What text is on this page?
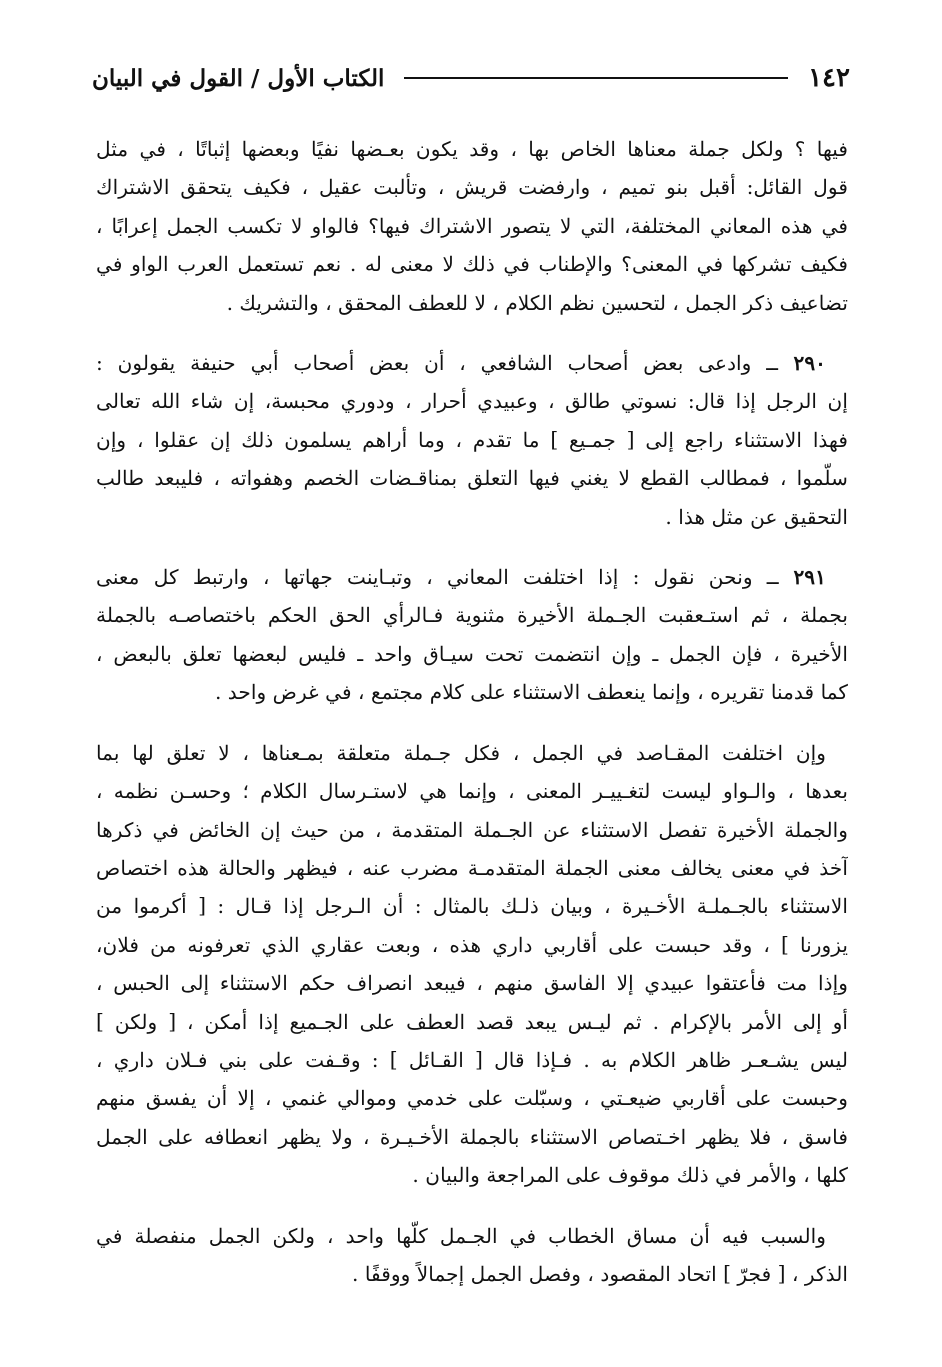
١٤٢
الكتاب الأول / القول في البيان

فيها ؟ ولكل جملة معناها الخاص بها ، وقد يكون بعـضها نفيًا وبعضها إثباتًا ، في مثل
قول القائل: أقبل بنو تميم ، وارفضت قريش ، وتألبت عقيل ، فكيف يتحقق الاشتراك
في هذه المعاني المختلفة، التي لا يتصور الاشتراك فيها؟ فالواو لا تكسب الجمل إعرابًا ،
فكيف تشركها في المعنى؟ والإطناب في ذلك لا معنى له . نعم تستعمل العرب الواو في
تضاعيف ذكر الجمل ، لتحسين نظم الكلام ، لا للعطف المحقق ، والتشريك .

٢٩٠ ــ وادعى بعض أصحاب الشافعي ، أن بعض أصحاب أبي حنيفة يقولون :
إن الرجل إذا قال: نسوتي طالق ، وعبيدي أحرار ، ودوري محبسة، إن شاء الله تعالى
فهذا الاستثناء راجع إلى [ جمـيع ] ما تقدم ، وما أراهم يسلمون ذلك إن عقلوا ، وإن
سلّموا ، فمطالب القطع لا يغني فيها التعلق بمناقـضات الخصم وهفواته ، فليبعد طالب
التحقيق عن مثل هذا .

٢٩١ ــ ونحن نقول : إذا اختلفت المعاني ، وتبـاينت جهاتها ، وارتبط كل معنى
بجملة ، ثم استـعقبت الجـملة الأخيرة مثنوية فـالرأي الحق الحكم باختصاصـه بالجملة
الأخيرة ، فإن الجمل ـ وإن انتضمت تحت سيـاق واحد ـ فليس لبعضها تعلق بالبعض ،
كما قدمنا تقريره ، وإنما ينعطف الاستثناء على كلام مجتمع ، في غرض واحد .

وإن اختلفت المقـاصد في الجمل ، فكل جـملة متعلقة بمـعناها ، لا تعلق لها بما
بعدها ، والـواو ليست لتغـييـر المعنى ، وإنما هي لاستـرسال الكلام ؛ وحسـن نظمه ،
والجملة الأخيرة تفصل الاستثناء عن الجـملة المتقدمة ، من حيث إن الخائض في ذكرها
آخذ في معنى يخالف معنى الجملة المتقدمـة مضرب عنه ، فيظهر والحالة هذه اختصاص
الاستثناء بالجـملـة الأخـيرة ، وبيان ذلـك بالمثال : أن الـرجل إذا قـال : [ أكرموا من
يزورنا ] ، وقد حبست على أقاربي داري هذه ، وبعت عقاري الذي تعرفونه من فلان،
وإذا مت فأعتقوا عبيدي إلا الفاسق منهم ، فيبعد انصراف حكم الاستثناء إلى الحبس ،
أو إلى الأمر بالإكرام . ثم ليـس يبعد قصد العطف على الجـميع إذا أمكن ، [ ولكن ]
ليس يشـعـر ظاهر الكلام به . فـإذا قال [ القـائل ] : وقـفت على بني فـلان داري ،
وحبست على أقاربي ضيعـتي ، وسبّلت على خدمي وموالي غنمي ، إلا أن يفسق منهم
فاسق ، فلا يظهر اخـتصاص الاستثناء بالجملة الأخـيـرة ، ولا يظهر انعطافه على الجمل
كلها ، والأمر في ذلك موقوف على المراجعة والبيان .

والسبب فيه أن مساق الخطاب في الجـمل كلّها واحد ، ولكن الجمل منفصلة في
الذكر ، [ فجرّ ] اتحاد المقصود ، وفصل الجمل إجمالاً ووقفًا .
